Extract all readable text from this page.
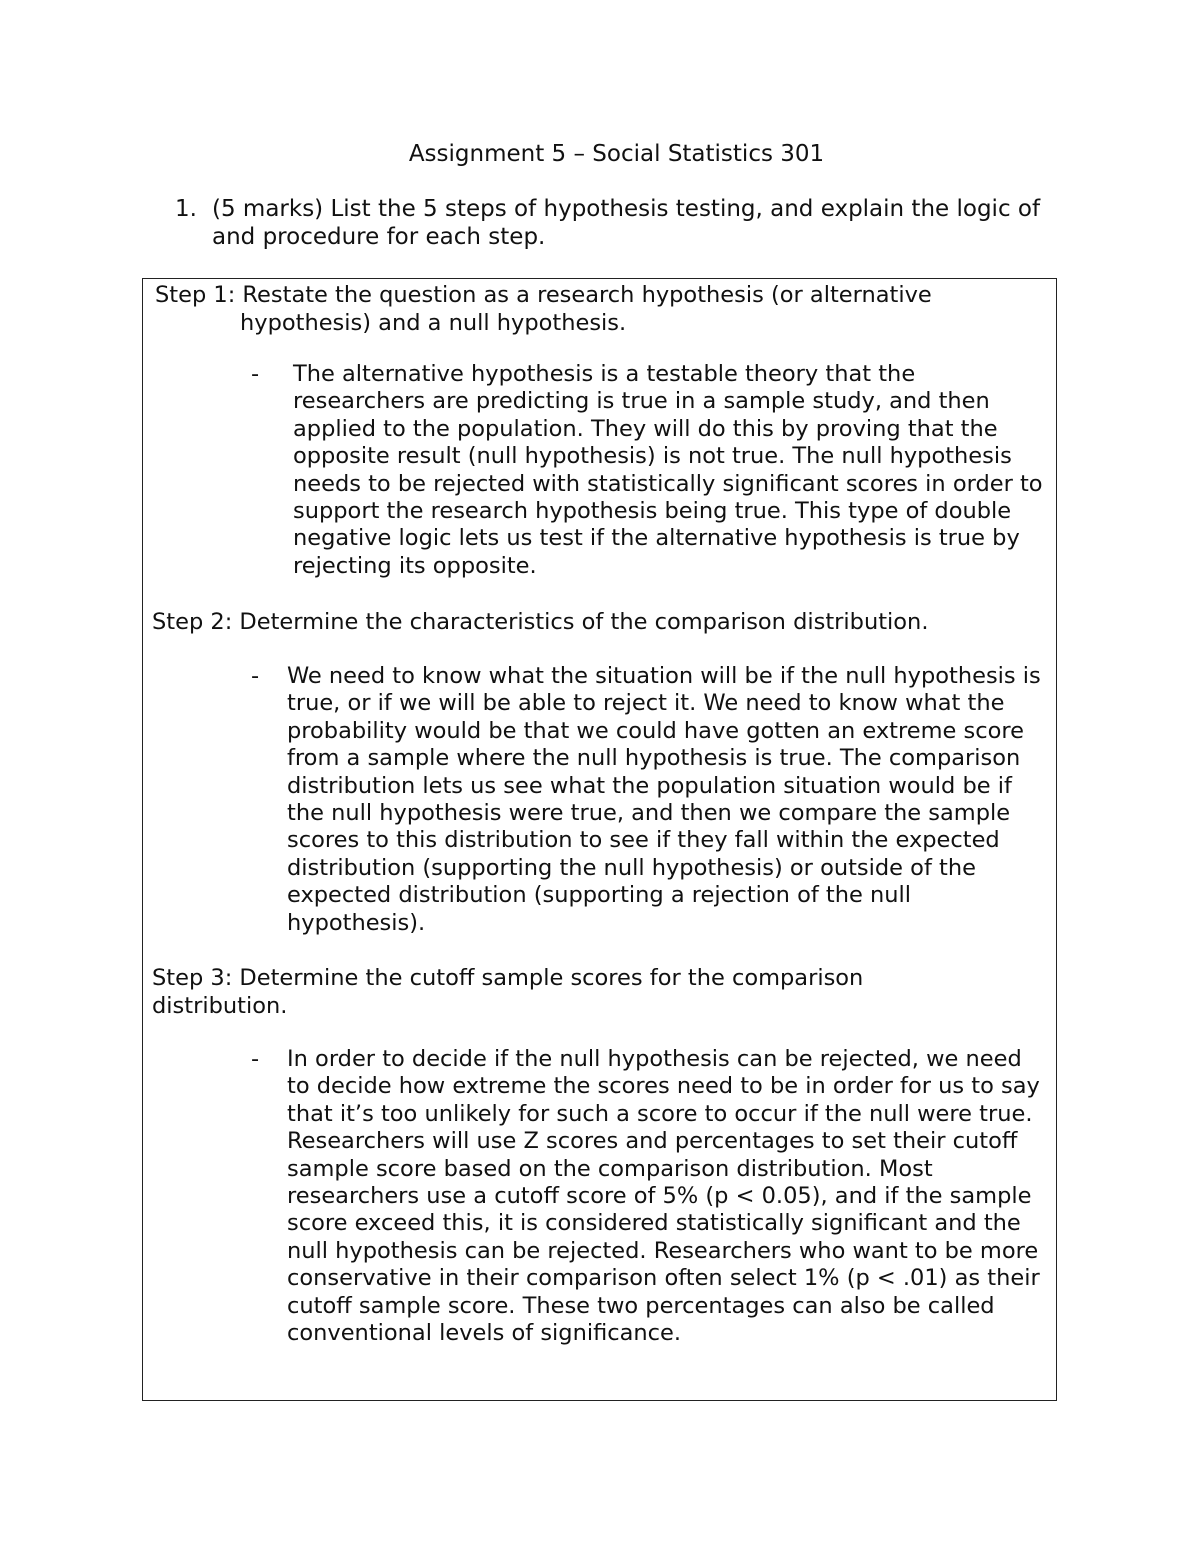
Assignment 5 – Social Statistics 301
1. (5 marks) List the 5 steps of hypothesis testing, and explain the logic of and procedure for each step.

Step 1: Restate the question as a research hypothesis (or alternative hypothesis) and a null hypothesis.

- The alternative hypothesis is a testable theory that the researchers are predicting is true in a sample study, and then applied to the population. They will do this by proving that the opposite result (null hypothesis) is not true. The null hypothesis needs to be rejected with statistically significant scores in order to support the research hypothesis being true. This type of double negative logic lets us test if the alternative hypothesis is true by rejecting its opposite.

Step 2: Determine the characteristics of the comparison distribution.

- We need to know what the situation will be if the null hypothesis is true, or if we will be able to reject it. We need to know what the probability would be that we could have gotten an extreme score from a sample where the null hypothesis is true. The comparison distribution lets us see what the population situation would be if the null hypothesis were true, and then we compare the sample scores to this distribution to see if they fall within the expected distribution (supporting the null hypothesis) or outside of the expected distribution (supporting a rejection of the null hypothesis).

Step 3: Determine the cutoff sample scores for the comparison distribution.

- In order to decide if the null hypothesis can be rejected, we need to decide how extreme the scores need to be in order for us to say that it’s too unlikely for such a score to occur if the null were true. Researchers will use Z scores and percentages to set their cutoff sample score based on the comparison distribution. Most researchers use a cutoff score of 5% (p < 0.05), and if the sample score exceed this, it is considered statistically significant and the null hypothesis can be rejected. Researchers who want to be more conservative in their comparison often select 1% (p < .01) as their cutoff sample score. These two percentages can also be called conventional levels of significance.
